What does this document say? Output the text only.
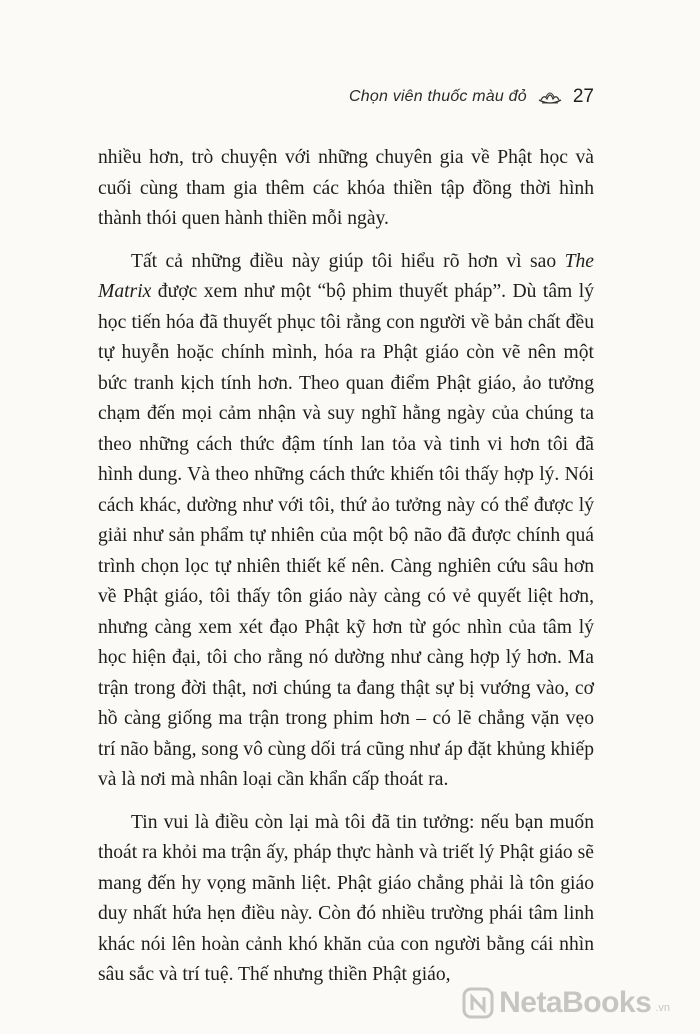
Chọn viên thuốc màu đỏ 27

nhiều hơn, trò chuyện với những chuyên gia về Phật học và cuối cùng tham gia thêm các khóa thiền tập đồng thời hình thành thói quen hành thiền mỗi ngày.

Tất cả những điều này giúp tôi hiểu rõ hơn vì sao The Matrix được xem như một “bộ phim thuyết pháp”. Dù tâm lý học tiến hóa đã thuyết phục tôi rằng con người về bản chất đều tự huyễn hoặc chính mình, hóa ra Phật giáo còn vẽ nên một bức tranh kịch tính hơn. Theo quan điểm Phật giáo, ảo tưởng chạm đến mọi cảm nhận và suy nghĩ hằng ngày của chúng ta theo những cách thức đậm tính lan tỏa và tinh vi hơn tôi đã hình dung. Và theo những cách thức khiến tôi thấy hợp lý. Nói cách khác, dường như với tôi, thứ ảo tưởng này có thể được lý giải như sản phẩm tự nhiên của một bộ não đã được chính quá trình chọn lọc tự nhiên thiết kế nên. Càng nghiên cứu sâu hơn về Phật giáo, tôi thấy tôn giáo này càng có vẻ quyết liệt hơn, nhưng càng xem xét đạo Phật kỹ hơn từ góc nhìn của tâm lý học hiện đại, tôi cho rằng nó dường như càng hợp lý hơn. Ma trận trong đời thật, nơi chúng ta đang thật sự bị vướng vào, cơ hồ càng giống ma trận trong phim hơn – có lẽ chẳng vặn vẹo trí não bằng, song vô cùng dối trá cũng như áp đặt khủng khiếp và là nơi mà nhân loại cần khẩn cấp thoát ra.

Tin vui là điều còn lại mà tôi đã tin tưởng: nếu bạn muốn thoát ra khỏi ma trận ấy, pháp thực hành và triết lý Phật giáo sẽ mang đến hy vọng mãnh liệt. Phật giáo chẳng phải là tôn giáo duy nhất hứa hẹn điều này. Còn đó nhiều trường phái tâm linh khác nói lên hoàn cảnh khó khăn của con người bằng cái nhìn sâu sắc và trí tuệ. Thế nhưng thiền Phật giáo,

NetaBooks .vn
